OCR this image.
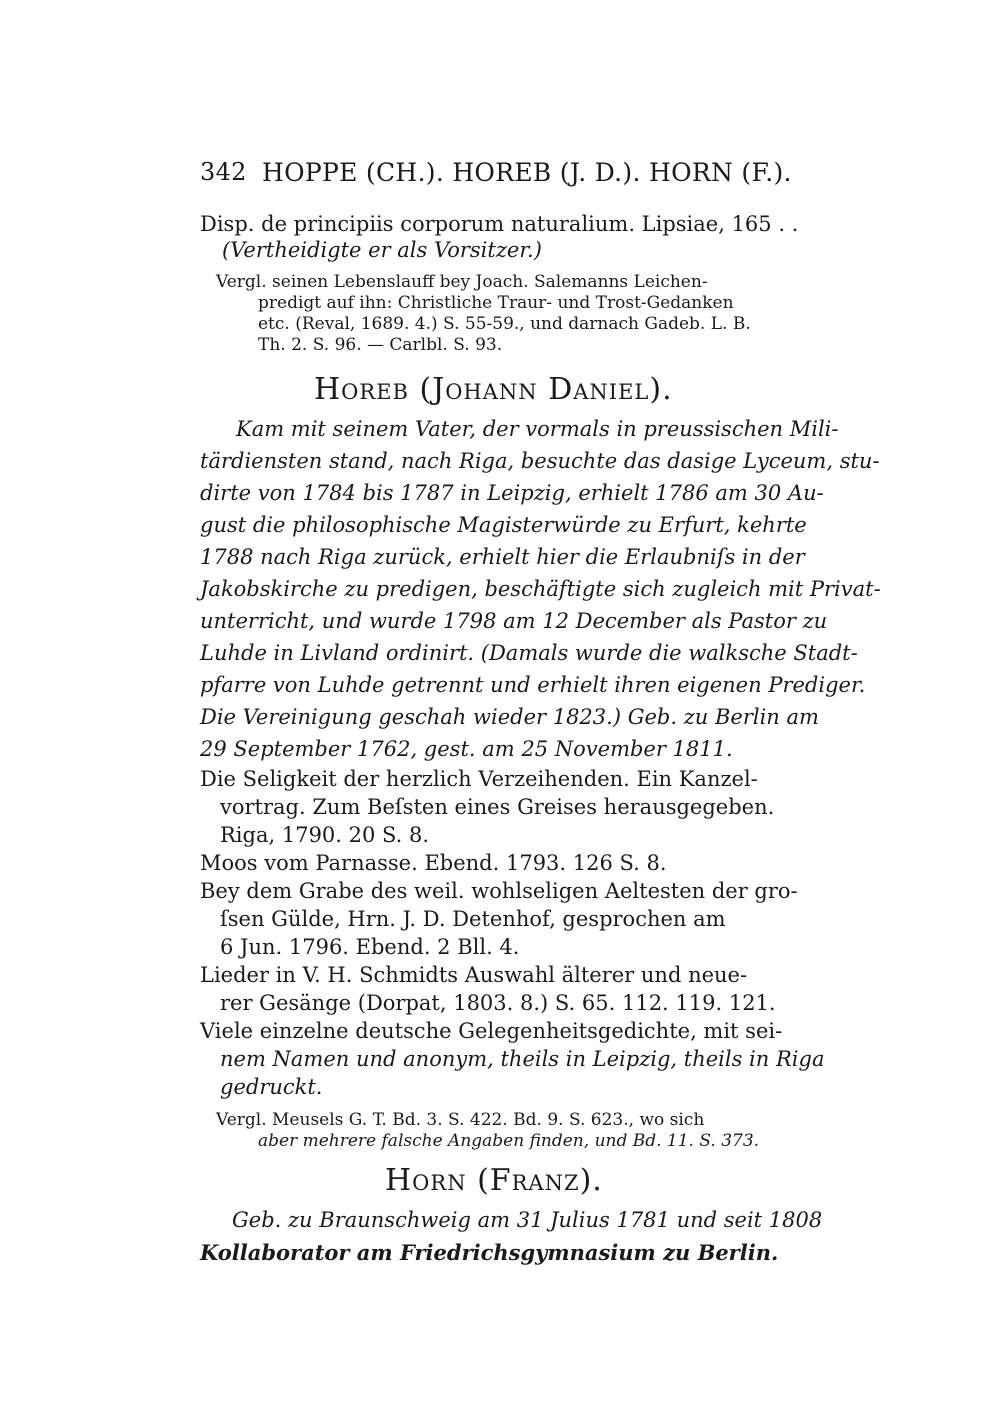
342 HOPPE (CH.). HOREB (J. D.). HORN (F.).
Disp. de principiis corporum naturalium. Lipsiae, 165 . .
(Vertheidigte er als Vorsitzer.)
Vergl. seinen Lebenslauff bey Joach. Salemanns Leichen-
predigt auf ihn: Christliche Traur- und Trost-Gedanken
etc. (Reval, 1689. 4.) S. 55-59., und darnach Gadeb. L. B.
Th. 2. S. 96. — Carlbl. S. 93.
Horeb (Johann Daniel).
Kam mit seinem Vater, der vormals in preussischen Mili-
tärdiensten stand, nach Riga, besuchte das dasige Lyceum, stu-
dirte von 1784 bis 1787 in Leipzig, erhielt 1786 am 30 Au-
gust die philosophische Magisterwürde zu Erfurt, kehrte
1788 nach Riga zurück, erhielt hier die Erlaubniſs in der
Jakobskirche zu predigen, beschäftigte sich zugleich mit Privat-
unterricht, und wurde 1798 am 12 December als Pastor zu
Luhde in Livland ordinirt. (Damals wurde die walksche Stadt-
pfarre von Luhde getrennt und erhielt ihren eigenen Prediger.
Die Vereinigung geschah wieder 1823.) Geb. zu Berlin am
29 September 1762, gest. am 25 November 1811.
Die Seligkeit der herzlich Verzeihenden. Ein Kanzel-
vortrag. Zum Beſsten eines Greises herausgegeben.
Riga, 1790. 20 S. 8.
Moos vom Parnasse. Ebend. 1793. 126 S. 8.
Bey dem Grabe des weil. wohlseligen Aeltesten der gro-
ſsen Gülde, Hrn. J. D. Detenhof, gesprochen am
6 Jun. 1796. Ebend. 2 Bll. 4.
Lieder in V. H. Schmidts Auswahl älterer und neue-
rer Gesänge (Dorpat, 1803. 8.) S. 65. 112. 119. 121.
Viele einzelne deutsche Gelegenheitsgedichte, mit sei-
nem Namen und anonym, theils in Leipzig, theils in Riga
gedruckt.
Vergl. Meusels G. T. Bd. 3. S. 422. Bd. 9. S. 623., wo sich
aber mehrere falsche Angaben finden, und Bd. 11. S. 373.
Horn (Franz).
Geb. zu Braunschweig am 31 Julius 1781 und seit 1808
Kollaborator am Friedrichsgymnasium zu Berlin.
